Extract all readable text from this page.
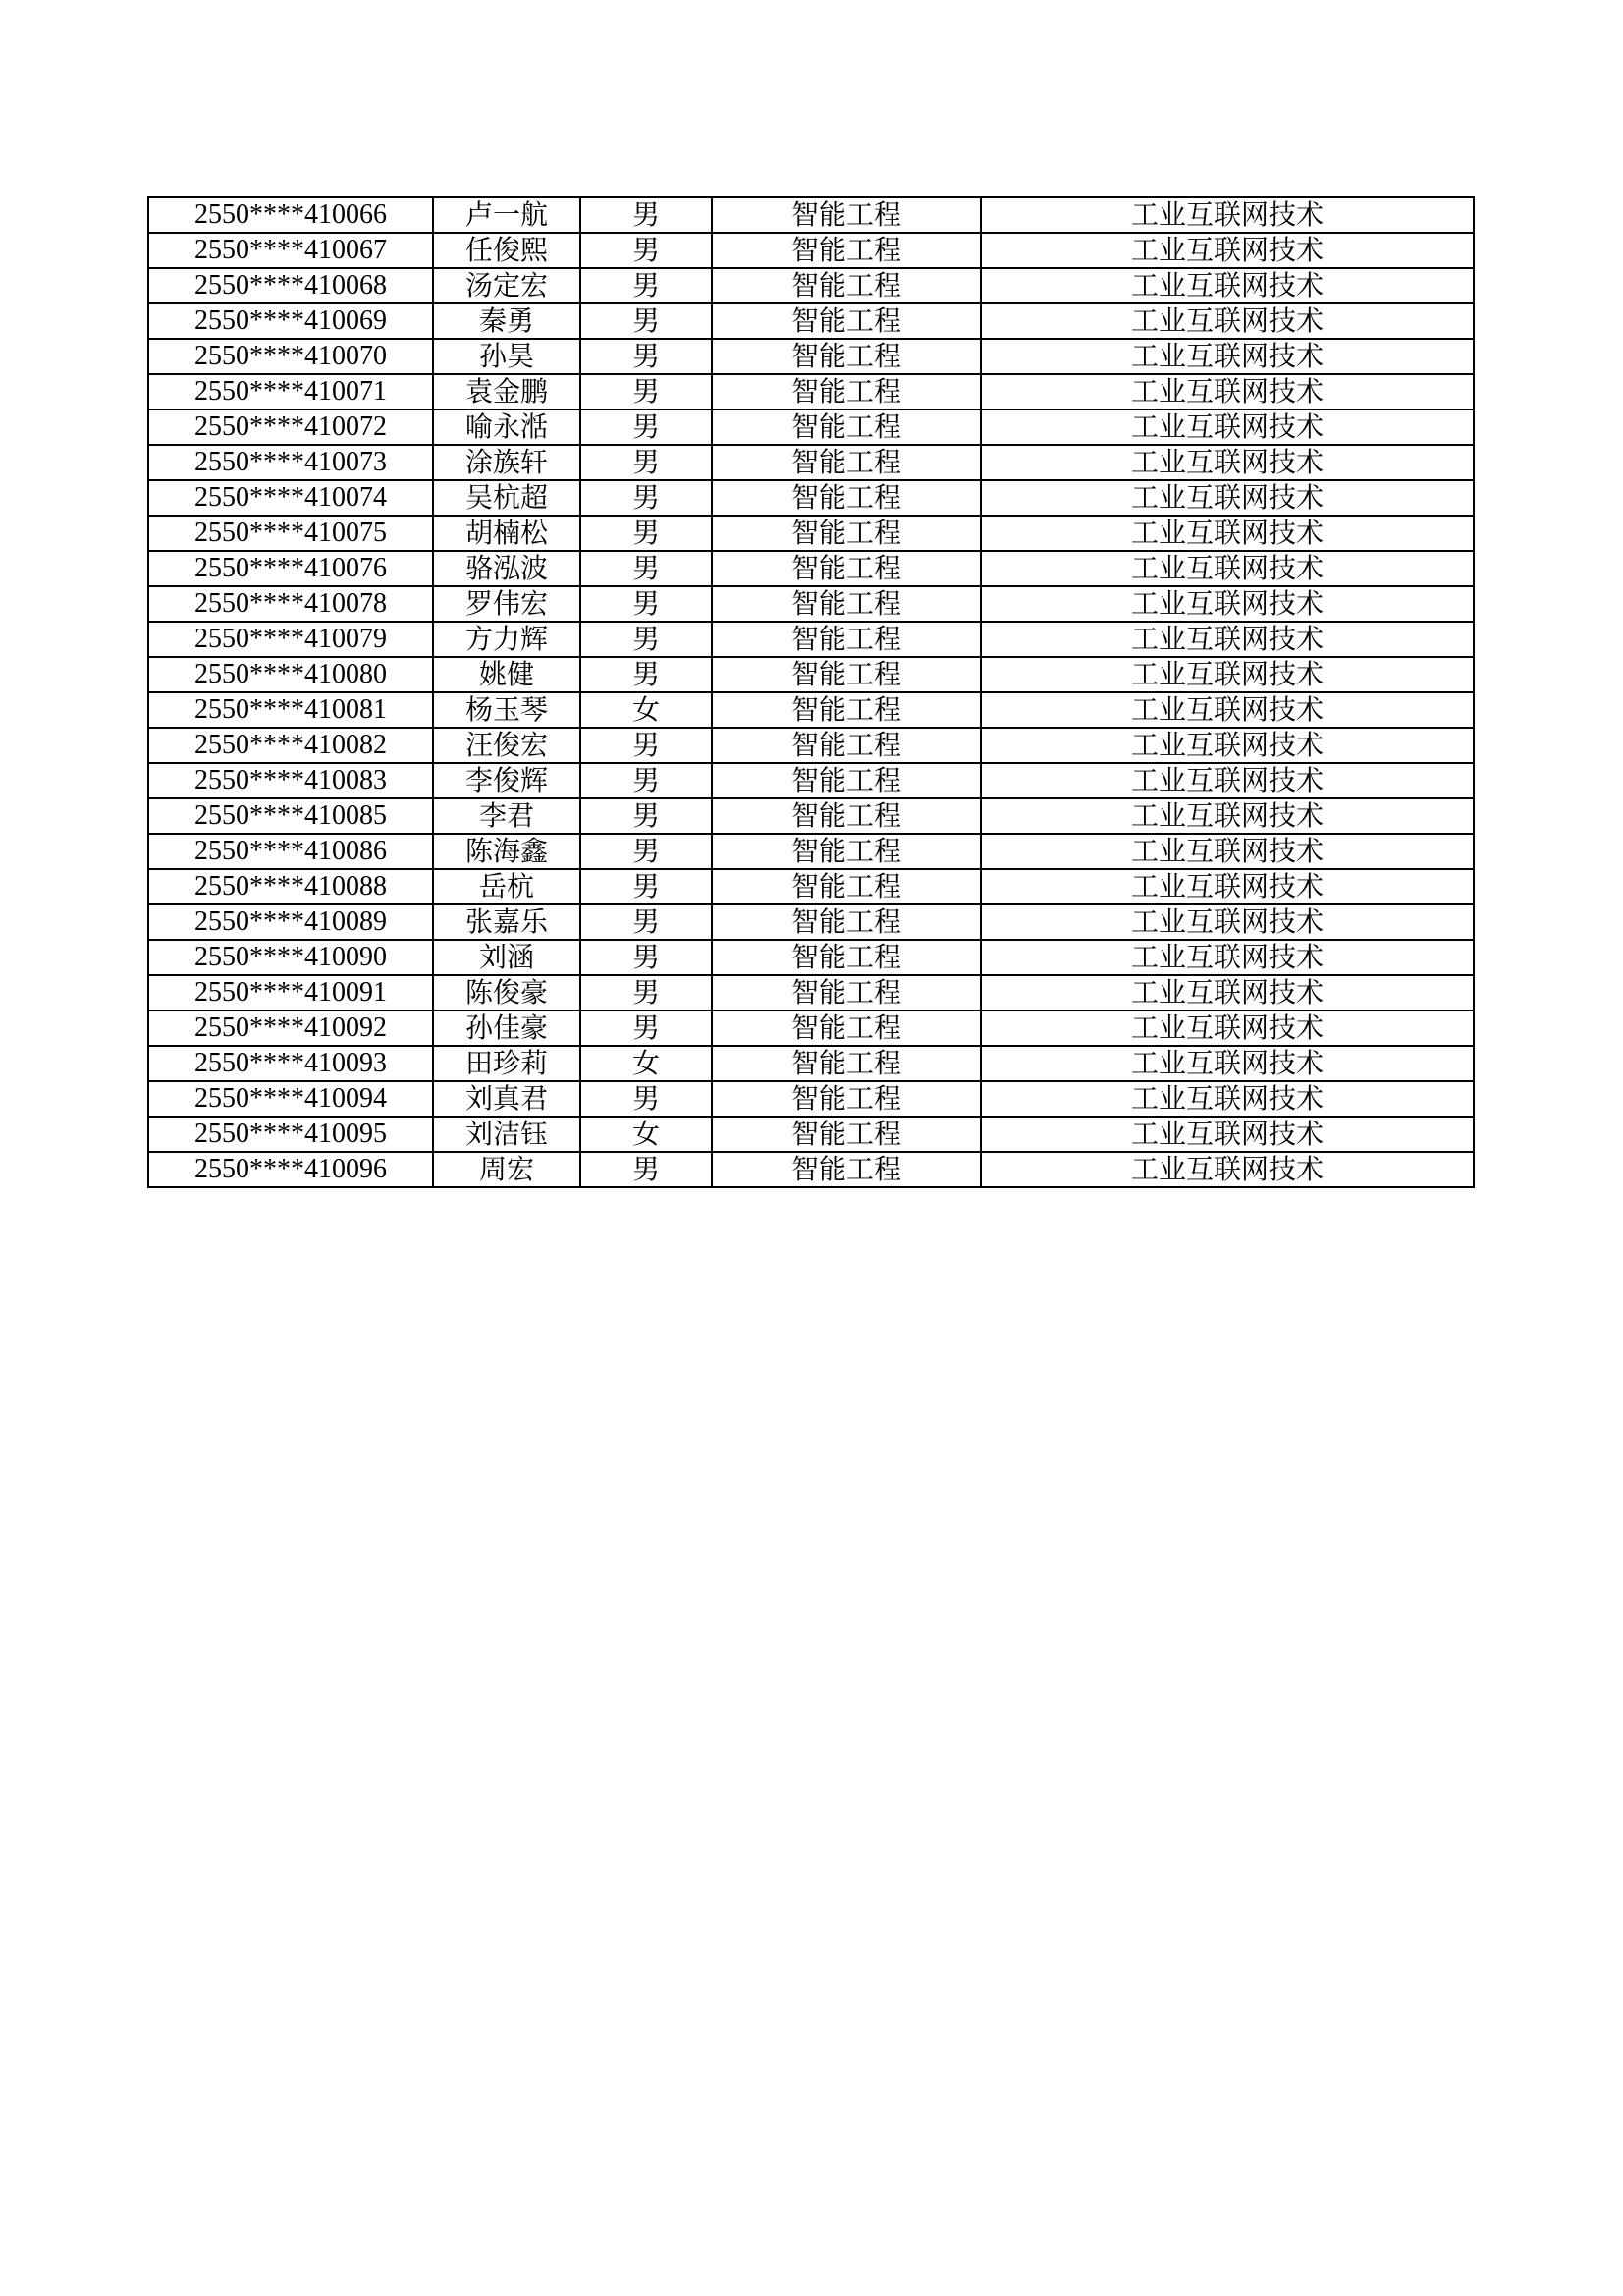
2550****410066	卢一航	男	智能工程	工业互联网技术
2550****410067	任俊熙	男	智能工程	工业互联网技术
2550****410068	汤定宏	男	智能工程	工业互联网技术
2550****410069	秦勇	男	智能工程	工业互联网技术
2550****410070	孙昊	男	智能工程	工业互联网技术
2550****410071	袁金鹏	男	智能工程	工业互联网技术
2550****410072	喻永湉	男	智能工程	工业互联网技术
2550****410073	涂族轩	男	智能工程	工业互联网技术
2550****410074	吴杭超	男	智能工程	工业互联网技术
2550****410075	胡楠松	男	智能工程	工业互联网技术
2550****410076	骆泓波	男	智能工程	工业互联网技术
2550****410078	罗伟宏	男	智能工程	工业互联网技术
2550****410079	方力辉	男	智能工程	工业互联网技术
2550****410080	姚健	男	智能工程	工业互联网技术
2550****410081	杨玉琴	女	智能工程	工业互联网技术
2550****410082	汪俊宏	男	智能工程	工业互联网技术
2550****410083	李俊辉	男	智能工程	工业互联网技术
2550****410085	李君	男	智能工程	工业互联网技术
2550****410086	陈海鑫	男	智能工程	工业互联网技术
2550****410088	岳杭	男	智能工程	工业互联网技术
2550****410089	张嘉乐	男	智能工程	工业互联网技术
2550****410090	刘涵	男	智能工程	工业互联网技术
2550****410091	陈俊豪	男	智能工程	工业互联网技术
2550****410092	孙佳豪	男	智能工程	工业互联网技术
2550****410093	田珍莉	女	智能工程	工业互联网技术
2550****410094	刘真君	男	智能工程	工业互联网技术
2550****410095	刘洁钰	女	智能工程	工业互联网技术
2550****410096	周宏	男	智能工程	工业互联网技术
